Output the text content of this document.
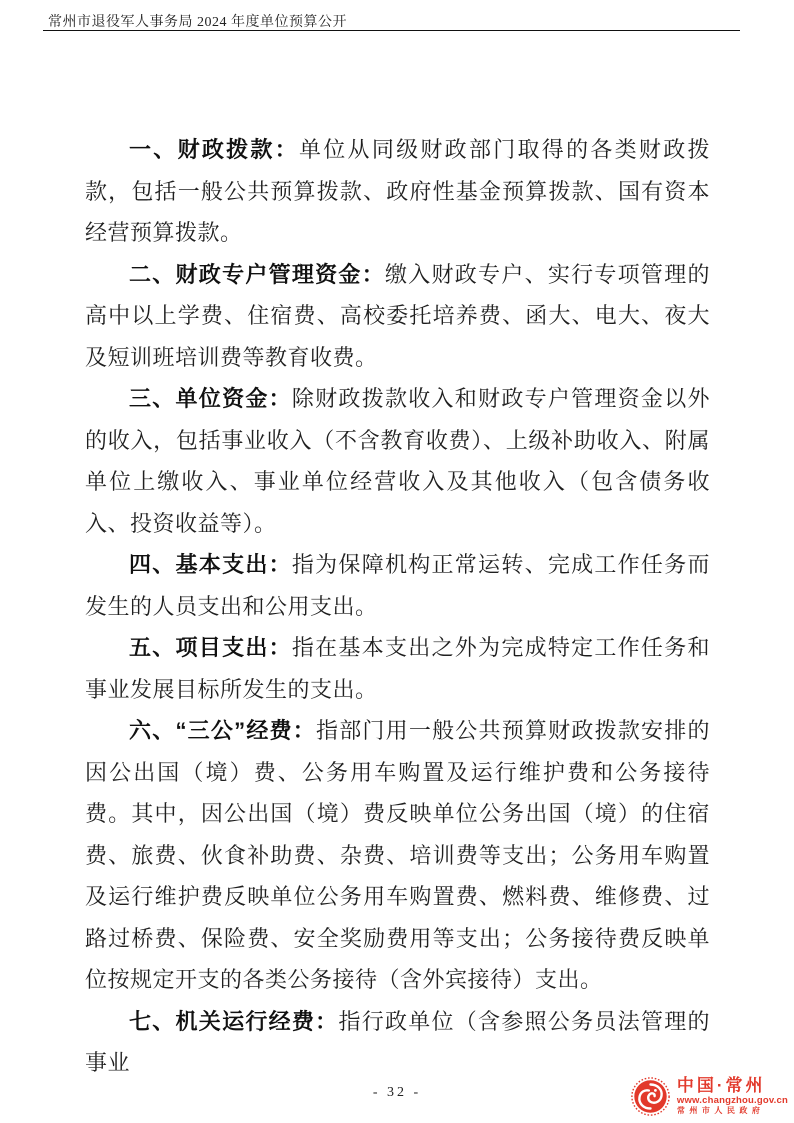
常州市退役军人事务局 2024 年度单位预算公开

一、财政拨款：单位从同级财政部门取得的各类财政拨款，包括一般公共预算拨款、政府性基金预算拨款、国有资本经营预算拨款。

二、财政专户管理资金：缴入财政专户、实行专项管理的高中以上学费、住宿费、高校委托培养费、函大、电大、夜大及短训班培训费等教育收费。

三、单位资金：除财政拨款收入和财政专户管理资金以外的收入，包括事业收入（不含教育收费）、上级补助收入、附属单位上缴收入、事业单位经营收入及其他收入（包含债务收入、投资收益等）。

四、基本支出：指为保障机构正常运转、完成工作任务而发生的人员支出和公用支出。

五、项目支出：指在基本支出之外为完成特定工作任务和事业发展目标所发生的支出。

六、“三公”经费：指部门用一般公共预算财政拨款安排的因公出国（境）费、公务用车购置及运行维护费和公务接待费。其中，因公出国（境）费反映单位公务出国（境）的住宿费、旅费、伙食补助费、杂费、培训费等支出；公务用车购置及运行维护费反映单位公务用车购置费、燃料费、维修费、过路过桥费、保险费、安全奖励费用等支出；公务接待费反映单位按规定开支的各类公务接待（含外宾接待）支出。

七、机关运行经费：指行政单位（含参照公务员法管理的事业

- 32 -	中国·常州
www.changzhou.gov.cn
常州市人民政府
